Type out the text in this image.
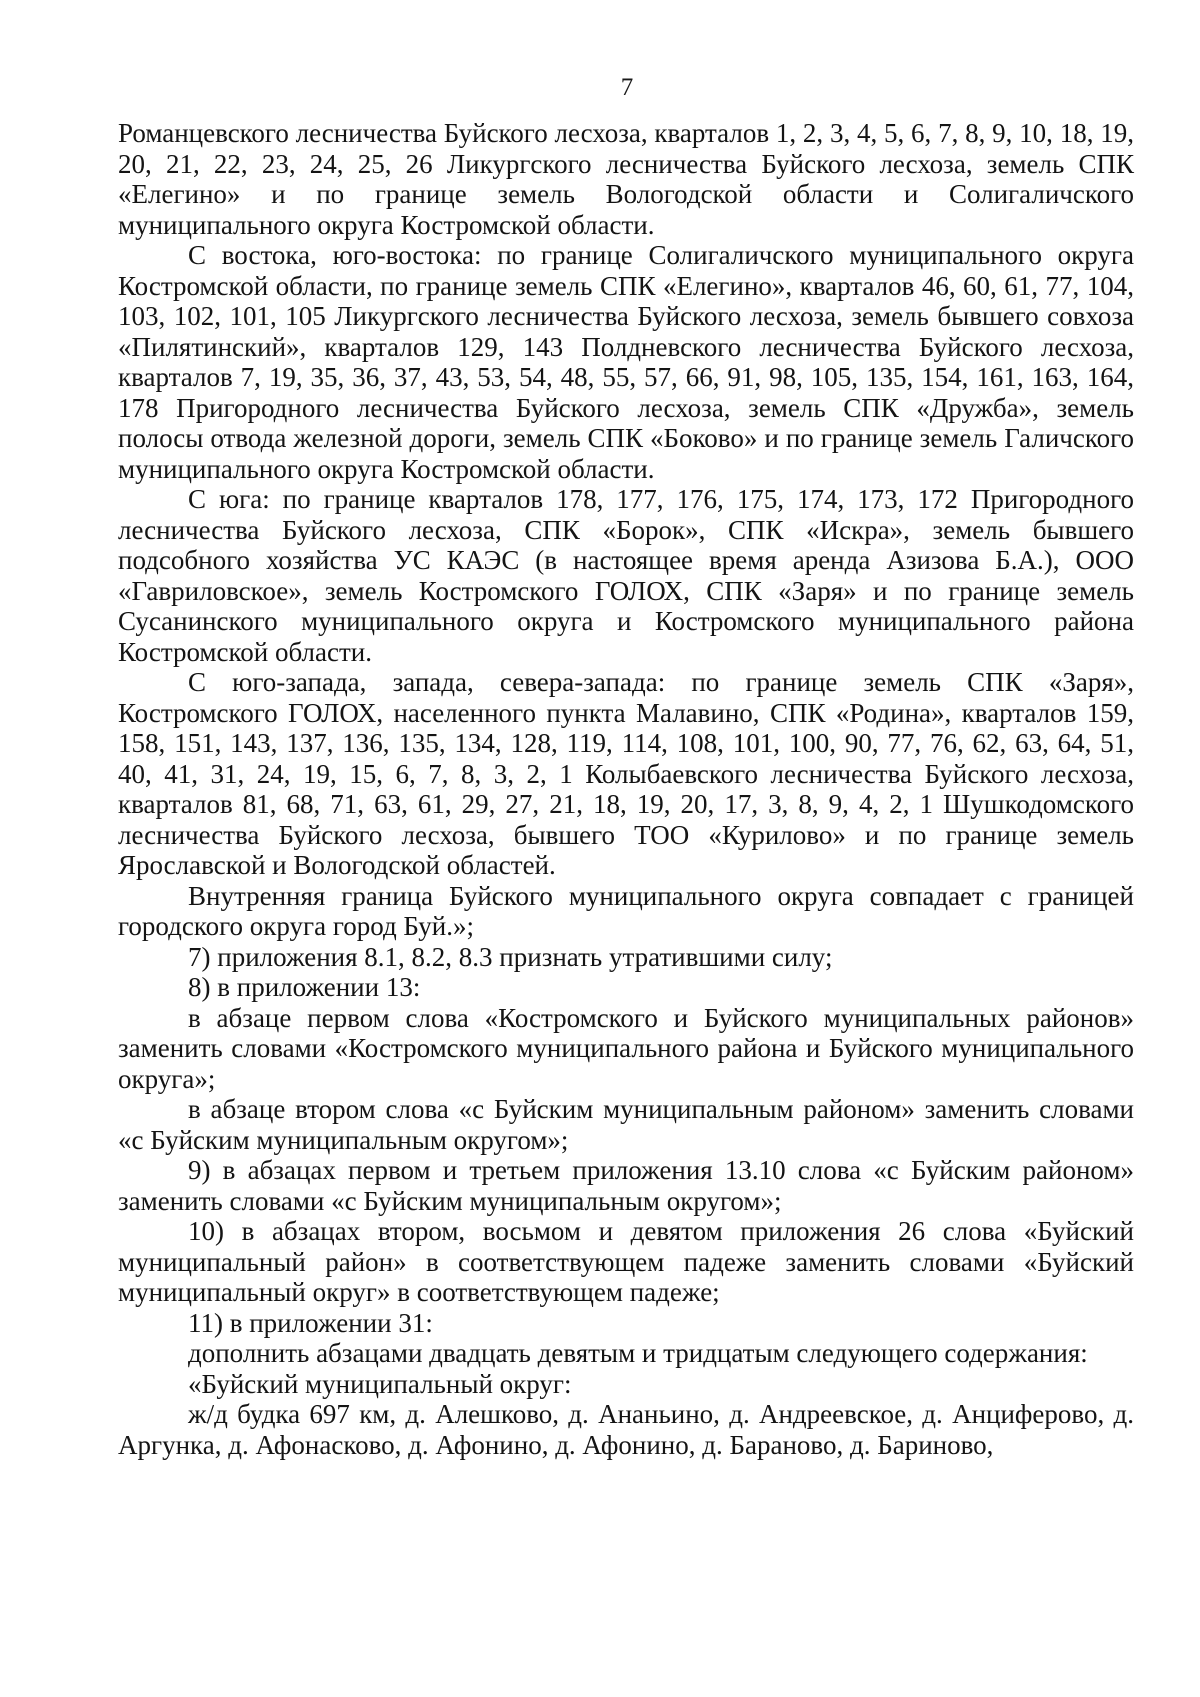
7

Романцевского лесничества Буйского лесхоза, кварталов 1, 2, 3, 4, 5, 6, 7, 8, 9, 10, 18, 19, 20, 21, 22, 23, 24, 25, 26 Ликургского лесничества Буйского лесхоза, земель СПК «Елегино» и по границе земель Вологодской области и Солигаличского муниципального округа Костромской области.

С востока, юго-востока: по границе Солигаличского муниципального округа Костромской области, по границе земель СПК «Елегино», кварталов 46, 60, 61, 77, 104, 103, 102, 101, 105 Ликургского лесничества Буйского лесхоза, земель бывшего совхоза «Пилятинский», кварталов 129, 143 Полдневского лесничества Буйского лесхоза, кварталов 7, 19, 35, 36, 37, 43, 53, 54, 48, 55, 57, 66, 91, 98, 105, 135, 154, 161, 163, 164, 178 Пригородного лесничества Буйского лесхоза, земель СПК «Дружба», земель полосы отвода железной дороги, земель СПК «Боково» и по границе земель Галичского муниципального округа Костромской области.

С юга: по границе кварталов 178, 177, 176, 175, 174, 173, 172 Пригородного лесничества Буйского лесхоза, СПК «Борок», СПК «Искра», земель бывшего подсобного хозяйства УС КАЭС (в настоящее время аренда Азизова Б.А.), ООО «Гавриловское», земель Костромского ГОЛОХ, СПК «Заря» и по границе земель Сусанинского муниципального округа и Костромского муниципального района Костромской области.

С юго-запада, запада, севера-запада: по границе земель СПК «Заря», Костромского ГОЛОХ, населенного пункта Малавино, СПК «Родина», кварталов 159, 158, 151, 143, 137, 136, 135, 134, 128, 119, 114, 108, 101, 100, 90, 77, 76, 62, 63, 64, 51, 40, 41, 31, 24, 19, 15, 6, 7, 8, 3, 2, 1 Колыбаевского лесничества Буйского лесхоза, кварталов 81, 68, 71, 63, 61, 29, 27, 21, 18, 19, 20, 17, 3, 8, 9, 4, 2, 1 Шушкодомского лесничества Буйского лесхоза, бывшего ТОО «Курилово» и по границе земель Ярославской и Вологодской областей.

Внутренняя граница Буйского муниципального округа совпадает с границей городского округа город Буй.»;

7) приложения 8.1, 8.2, 8.3 признать утратившими силу;

8) в приложении 13:

в абзаце первом слова «Костромского и Буйского муниципальных районов» заменить словами «Костромского муниципального района и Буйского муниципального округа»;

в абзаце втором слова «с Буйским муниципальным районом» заменить словами «с Буйским муниципальным округом»;

9) в абзацах первом и третьем приложения 13.10 слова «с Буйским районом» заменить словами «с Буйским муниципальным округом»;

10) в абзацах втором, восьмом и девятом приложения 26 слова «Буйский муниципальный район» в соответствующем падеже заменить словами «Буйский муниципальный округ» в соответствующем падеже;

11) в приложении 31:

дополнить абзацами двадцать девятым и тридцатым следующего содержания:

«Буйский муниципальный округ:

ж/д будка 697 км, д. Алешково, д. Ананьино, д. Андреевское, д. Анциферово, д. Аргунка, д. Афонасково, д. Афонино, д. Афонино, д. Бараново, д. Бариново,
